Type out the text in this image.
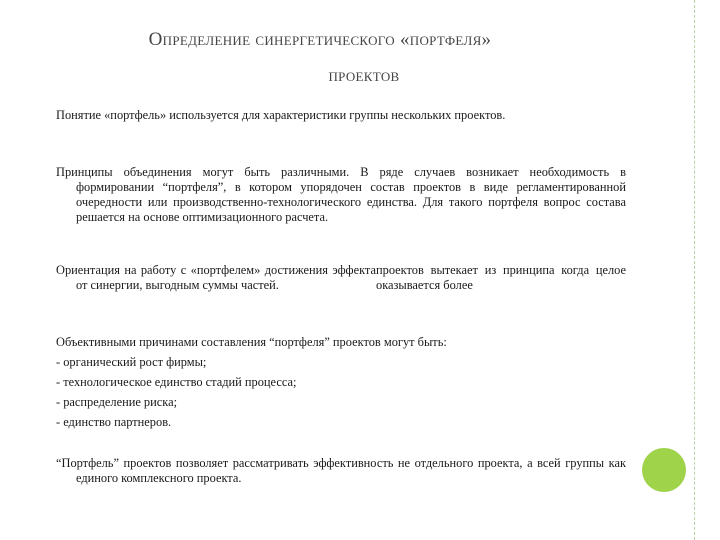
Определение синергетического «портфеля»
проектов

Понятие «портфель» используется для характеристики группы нескольких проектов.

Принципы объединения могут быть различными. В ряде случаев возникает необходимость в формировании “портфеля”, в котором упорядочен состав проектов в виде регламентированной очередности или производственно-технологического единства. Для такого портфеля вопрос состава решается на основе оптимизационного расчета.

Ориентация на работу с «портфелем» достижения эффекта от синергии, выгодным суммы частей.
проектов вытекает из принципа когда целое оказывается более
Объективными причинами составления “портфеля” проектов могут быть:
- органический рост фирмы;
- технологическое единство стадий процесса;
- распределение риска;
- единство партнеров.

“Портфель” проектов позволяет рассматривать эффективность не отдельного проекта, а всей группы как единого комплексного проекта.
